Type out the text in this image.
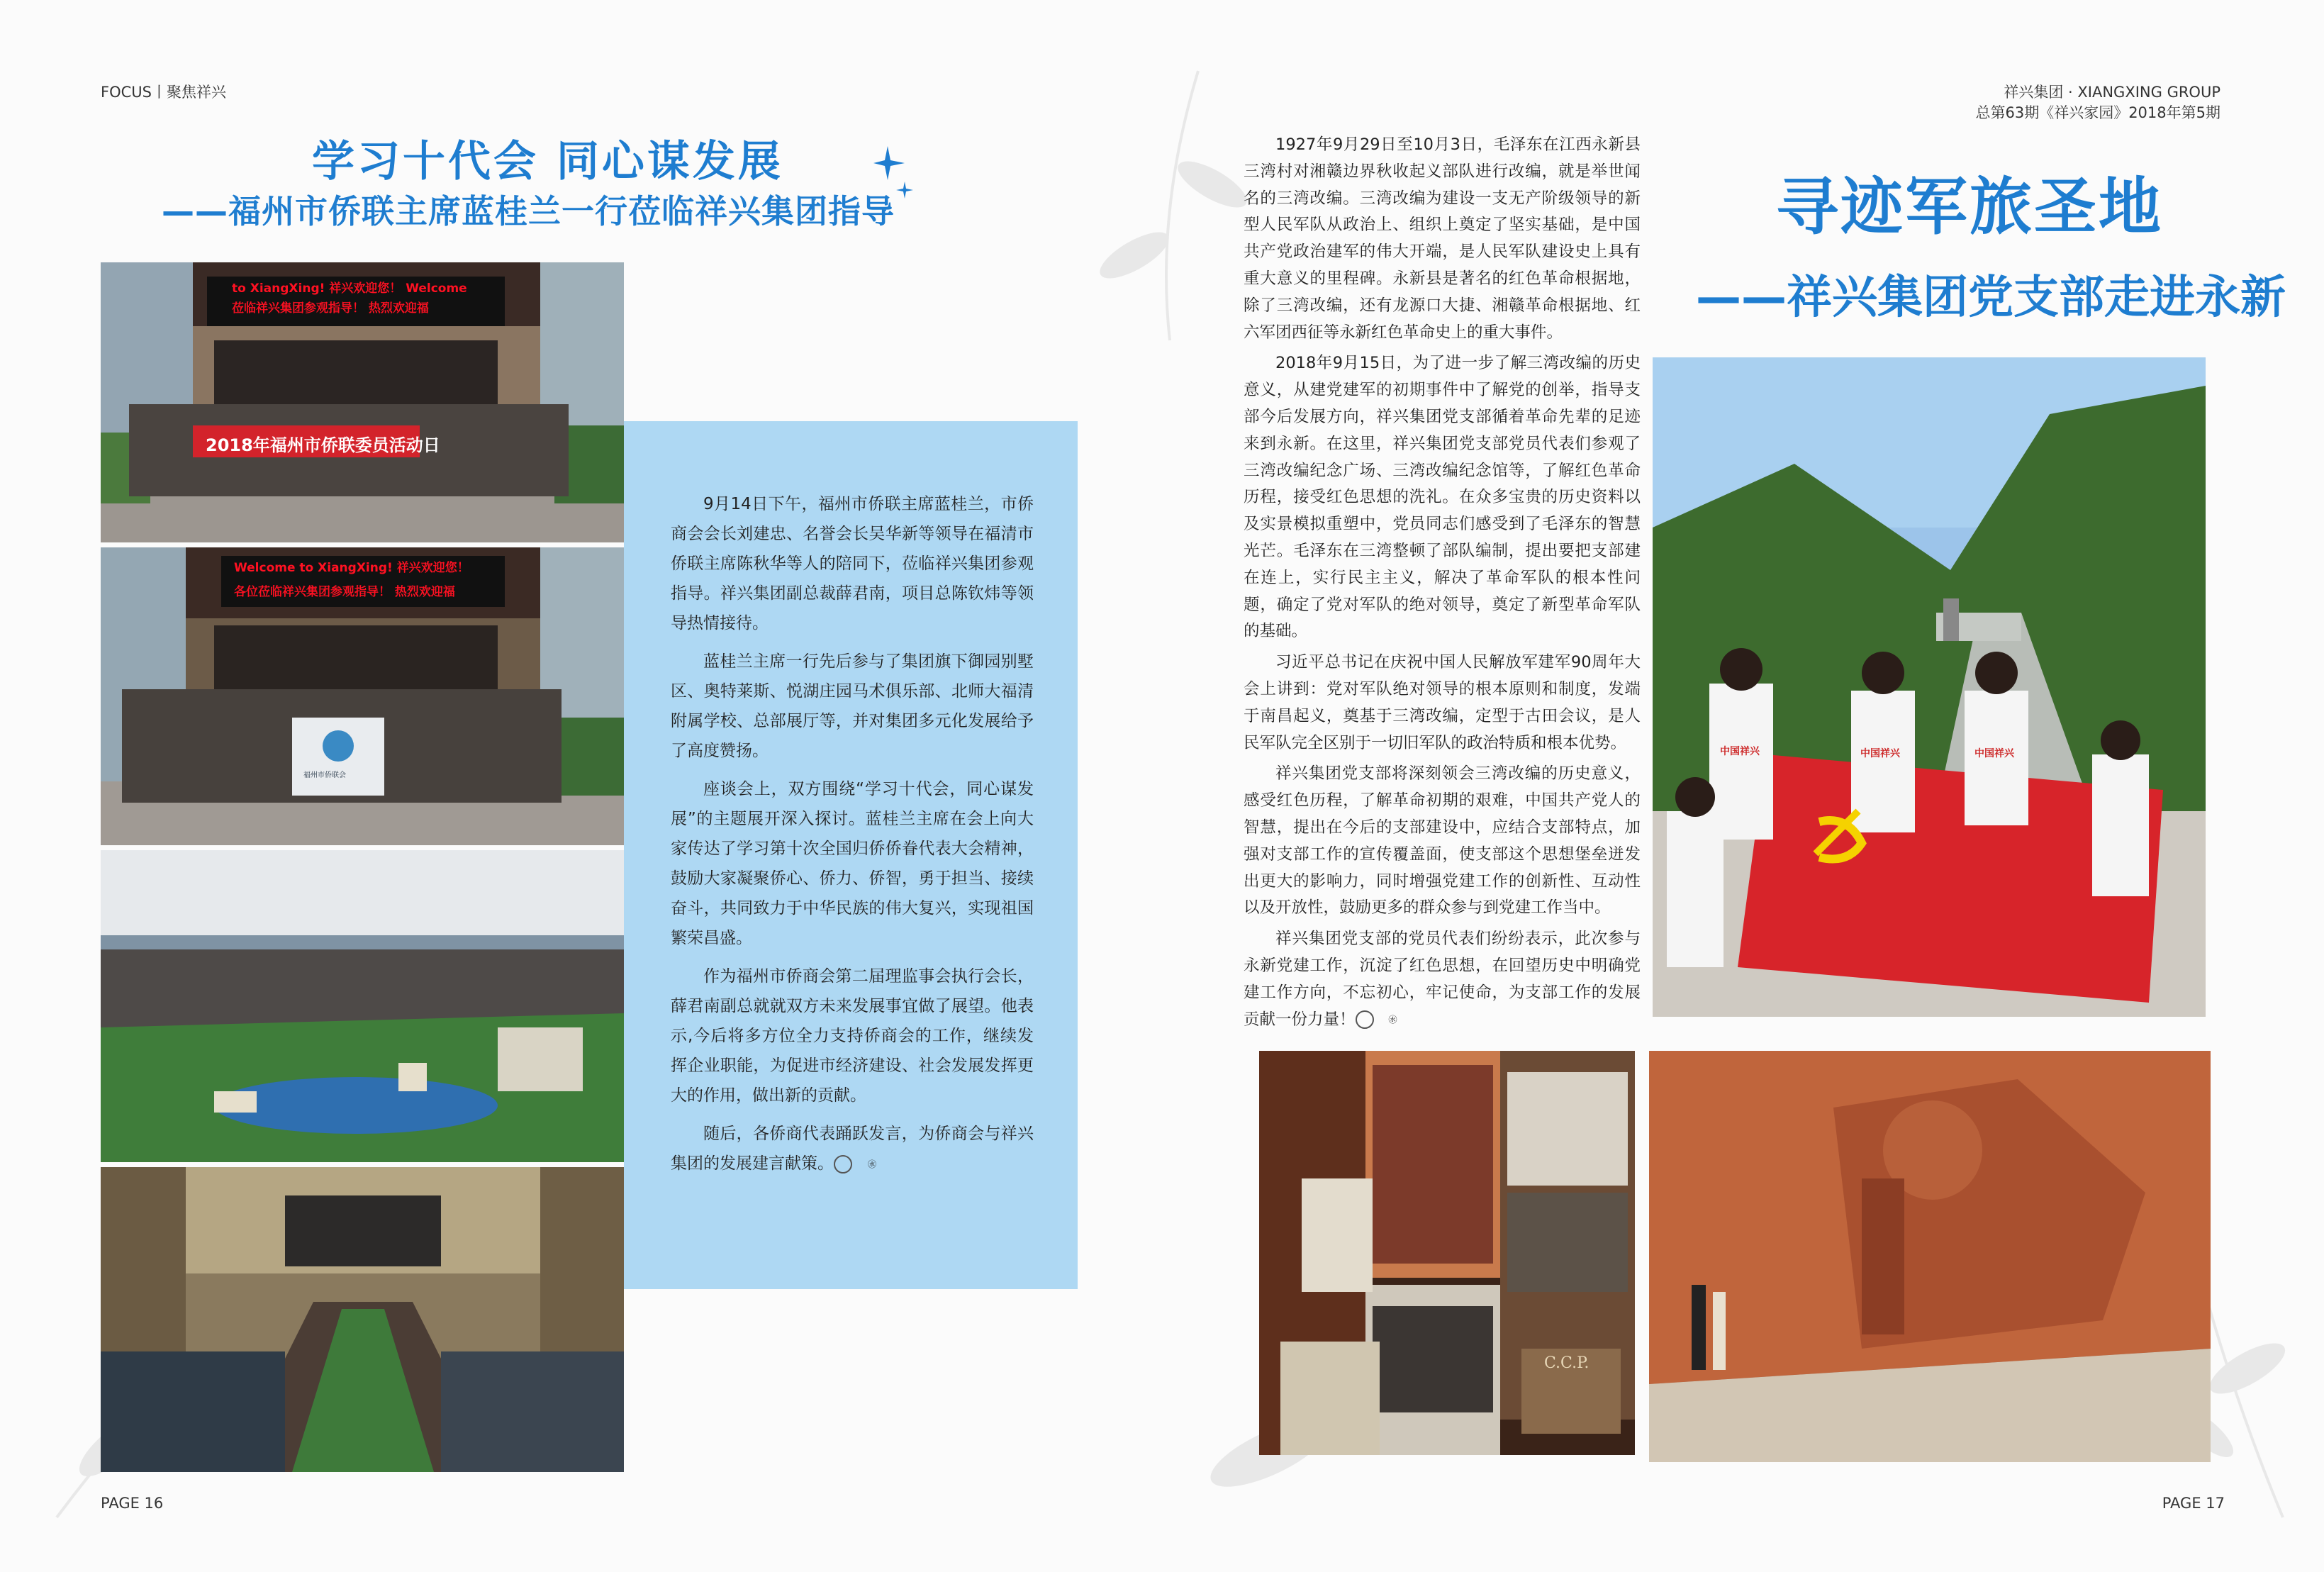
FOCUS丨聚焦祥兴
学习十代会 同心谋发展
——福州市侨联主席蓝桂兰一行莅临祥兴集团指导
to XiangXing! 祥兴欢迎您！ Welcome
莅临祥兴集团参观指导！ 热烈欢迎福
2018年福州市侨联委员活动日
Welcome to XiangXing! 祥兴欢迎您！
各位莅临祥兴集团参观指导！ 热烈欢迎福
福州市侨联会

9月14日下午，福州市侨联主席蓝桂兰，市侨商会会长刘建忠、名誉会长吴华新等领导在福清市侨联主席陈秋华等人的陪同下，莅临祥兴集团参观指导。祥兴集团副总裁薛君南，项目总陈钦炜等领导热情接待。

蓝桂兰主席一行先后参与了集团旗下御园别墅区、奥特莱斯、悦湖庄园马术俱乐部、北师大福清附属学校、总部展厅等，并对集团多元化发展给予了高度赞扬。

座谈会上，双方围绕“学习十代会，同心谋发展”的主题展开深入探讨。蓝桂兰主席在会上向大家传达了学习第十次全国归侨侨眷代表大会精神，鼓励大家凝聚侨心、侨力、侨智，勇于担当、接续奋斗，共同致力于中华民族的伟大复兴，实现祖国繁荣昌盛。

作为福州市侨商会第二届理监事会执行会长，薛君南副总就就双方未来发展事宜做了展望。他表示,今后将多方位全力支持侨商会的工作，继续发挥企业职能，为促进市经济建设、社会发展发挥更大的作用，做出新的贡献。

随后，各侨商代表踊跃发言，为侨商会与祥兴集团的发展建言献策。	㊌

PAGE 16
祥兴集团 · XIANGXING GROUP
总第63期《祥兴家园》2018年第5期

1927年9月29日至10月3日，毛泽东在江西永新县三湾村对湘赣边界秋收起义部队进行改编，就是举世闻名的三湾改编。三湾改编为建设一支无产阶级领导的新型人民军队从政治上、组织上奠定了坚实基础，是中国共产党政治建军的伟大开端，是人民军队建设史上具有重大意义的里程碑。永新县是著名的红色革命根据地，除了三湾改编，还有龙源口大捷、湘赣革命根据地、红六军团西征等永新红色革命史上的重大事件。

2018年9月15日，为了进一步了解三湾改编的历史意义，从建党建军的初期事件中了解党的创举，指导支部今后发展方向，祥兴集团党支部循着革命先辈的足迹来到永新。在这里，祥兴集团党支部党员代表们参观了三湾改编纪念广场、三湾改编纪念馆等，了解红色革命历程，接受红色思想的洗礼。在众多宝贵的历史资料以及实景模拟重塑中，党员同志们感受到了毛泽东的智慧光芒。毛泽东在三湾整顿了部队编制，提出要把支部建在连上，实行民主主义，解决了革命军队的根本性问题，确定了党对军队的绝对领导，奠定了新型革命军队的基础。

习近平总书记在庆祝中国人民解放军建军90周年大会上讲到：党对军队绝对领导的根本原则和制度，发端于南昌起义，奠基于三湾改编，定型于古田会议，是人民军队完全区别于一切旧军队的政治特质和根本优势。

祥兴集团党支部将深刻领会三湾改编的历史意义，感受红色历程，了解革命初期的艰难，中国共产党人的智慧，提出在今后的支部建设中，应结合支部特点，加强对支部工作的宣传覆盖面，使支部这个思想堡垒迸发出更大的影响力，同时增强党建工作的创新性、互动性以及开放性，鼓励更多的群众参与到党建工作当中。

祥兴集团党支部的党员代表们纷纷表示，此次参与永新党建工作，沉淀了红色思想，在回望历史中明确党建工作方向，不忘初心，牢记使命，为支部工作的发展贡献一份力量！	㊌

寻迹军旅圣地
——祥兴集团党支部走进永新
中国祥兴	中国祥兴	中国祥兴
C.C.P.
PAGE 17
